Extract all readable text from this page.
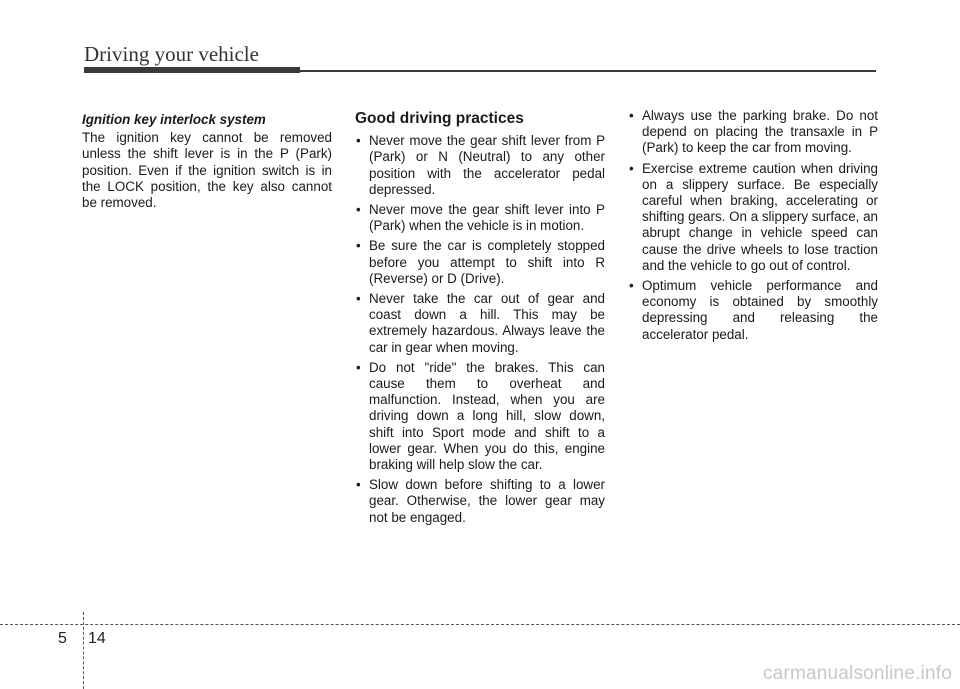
Driving your vehicle
Ignition key interlock system

The ignition key cannot be removed unless the shift lever is in the P (Park) position. Even if the ignition switch is in the LOCK position, the key also cannot be removed.

Good driving practices
• Never move the gear shift lever from P (Park) or N (Neutral) to any other position with the accelerator pedal depressed.
• Never move the gear shift lever into P (Park) when the vehicle is in motion.
• Be sure the car is completely stopped before you attempt to shift into R (Reverse) or D (Drive).
• Never take the car out of gear and coast down a hill. This may be extremely hazardous. Always leave the car in gear when moving.
• Do not "ride" the brakes. This can cause them to overheat and malfunction. Instead, when you are driving down a long hill, slow down, shift into Sport mode and shift to a lower gear. When you do this, engine braking will help slow the car.
• Slow down before shifting to a lower gear. Otherwise, the lower gear may not be engaged.
• Always use the parking brake. Do not depend on placing the transaxle in P (Park) to keep the car from moving.
• Exercise extreme caution when driving on a slippery surface. Be especially careful when braking, accelerating or shifting gears. On a slippery surface, an abrupt change in vehicle speed can cause the drive wheels to lose traction and the vehicle to go out of control.
• Optimum vehicle performance and economy is obtained by smoothly depressing and releasing the accelerator pedal.
5 14
carmanualsonline.info
